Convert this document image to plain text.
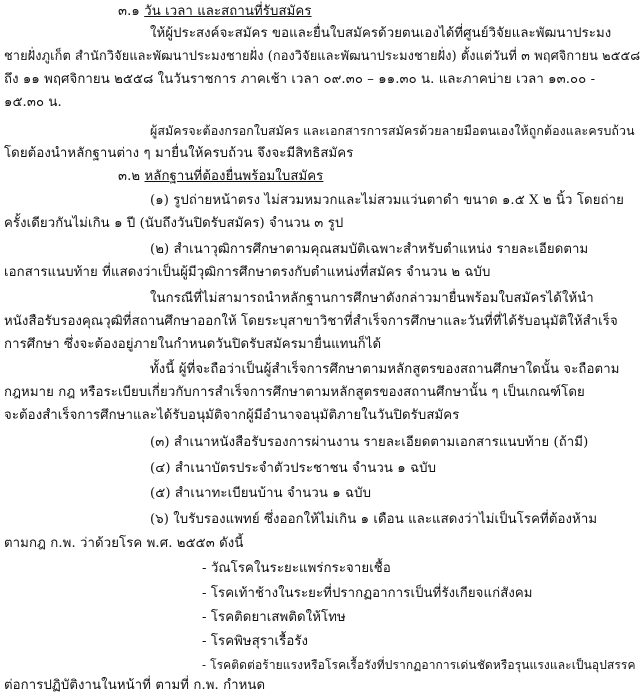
๓.๑ วัน เวลา และสถานที่รับสมัคร
ให้ผู้ประสงค์จะสมัคร ขอและยื่นใบสมัครด้วยตนเองได้ที่ศูนย์วิจัยและพัฒนาประมง
ชายฝั่งภูเก็ต สำนักวิจัยและพัฒนาประมงชายฝั่ง (กองวิจัยและพัฒนาประมงชายฝั่ง) ตั้งแต่วันที่ ๓ พฤศจิกายน ๒๕๕๘
ถึง ๑๑ พฤศจิกายน ๒๕๕๘ ในวันราชการ ภาคเช้า เวลา ๐๙.๓๐ – ๑๑.๓๐ น. และภาคบ่าย เวลา ๑๓.๐๐ -
๑๕.๓๐ น.
ผู้สมัครจะต้องกรอกใบสมัคร และเอกสารการสมัครด้วยลายมือตนเองให้ถูกต้องและครบถ้วน
โดยต้องนำหลักฐานต่าง ๆ มายื่นให้ครบถ้วน จึงจะมีสิทธิสมัคร
๓.๒ หลักฐานที่ต้องยื่นพร้อมใบสมัคร
(๑) รูปถ่ายหน้าตรง ไม่สวมหมวกและไม่สวมแว่นตาดำ ขนาด ๑.๕ X ๒ นิ้ว โดยถ่าย
ครั้งเดียวกันไม่เกิน ๑ ปี (นับถึงวันปิดรับสมัคร) จำนวน ๓ รูป
(๒) สำเนาวุฒิการศึกษาตามคุณสมบัติเฉพาะสำหรับตำแหน่ง รายละเอียดตาม
เอกสารแนบท้าย ที่แสดงว่าเป็นผู้มีวุฒิการศึกษาตรงกับตำแหน่งที่สมัคร จำนวน ๒ ฉบับ
ในกรณีที่ไม่สามารถนำหลักฐานการศึกษาดังกล่าวมายื่นพร้อมใบสมัครได้ให้นำ
หนังสือรับรองคุณวุฒิที่สถานศึกษาออกให้ โดยระบุสาขาวิชาที่สำเร็จการศึกษาและวันที่ที่ได้รับอนุมัติให้สำเร็จ
การศึกษา ซึ่งจะต้องอยู่ภายในกำหนดวันปิดรับสมัครมายื่นแทนก็ได้
ทั้งนี้ ผู้ที่จะถือว่าเป็นผู้สำเร็จการศึกษาตามหลักสูตรของสถานศึกษาใดนั้น จะถือตาม
กฎหมาย กฎ หรือระเบียบเกี่ยวกับการสำเร็จการศึกษาตามหลักสูตรของสถานศึกษานั้น ๆ เป็นเกณฑ์โดย
จะต้องสำเร็จการศึกษาและได้รับอนุมัติจากผู้มีอำนาจอนุมัติภายในวันปิดรับสมัคร
(๓) สำเนาหนังสือรับรองการผ่านงาน รายละเอียดตามเอกสารแนบท้าย (ถ้ามี)
(๔) สำเนาบัตรประจำตัวประชาชน จำนวน ๑ ฉบับ
(๕) สำเนาทะเบียนบ้าน จำนวน ๑ ฉบับ
(๖) ใบรับรองแพทย์ ซึ่งออกให้ไม่เกิน ๑ เดือน และแสดงว่าไม่เป็นโรคที่ต้องห้าม
ตามกฎ ก.พ. ว่าด้วยโรค พ.ศ. ๒๕๕๓ ดังนี้
- วัณโรคในระยะแพร่กระจายเชื้อ
- โรคเท้าช้างในระยะที่ปรากฏอาการเป็นที่รังเกียจแก่สังคม
- โรคติดยาเสพติดให้โทษ
- โรคพิษสุราเรื้อรัง
- โรคติดต่อร้ายแรงหรือโรคเรื้อรังที่ปรากฏอาการเด่นชัดหรือรุนแรงและเป็นอุปสรรค
ต่อการปฏิบัติงานในหน้าที่ ตามที่ ก.พ. กำหนด
